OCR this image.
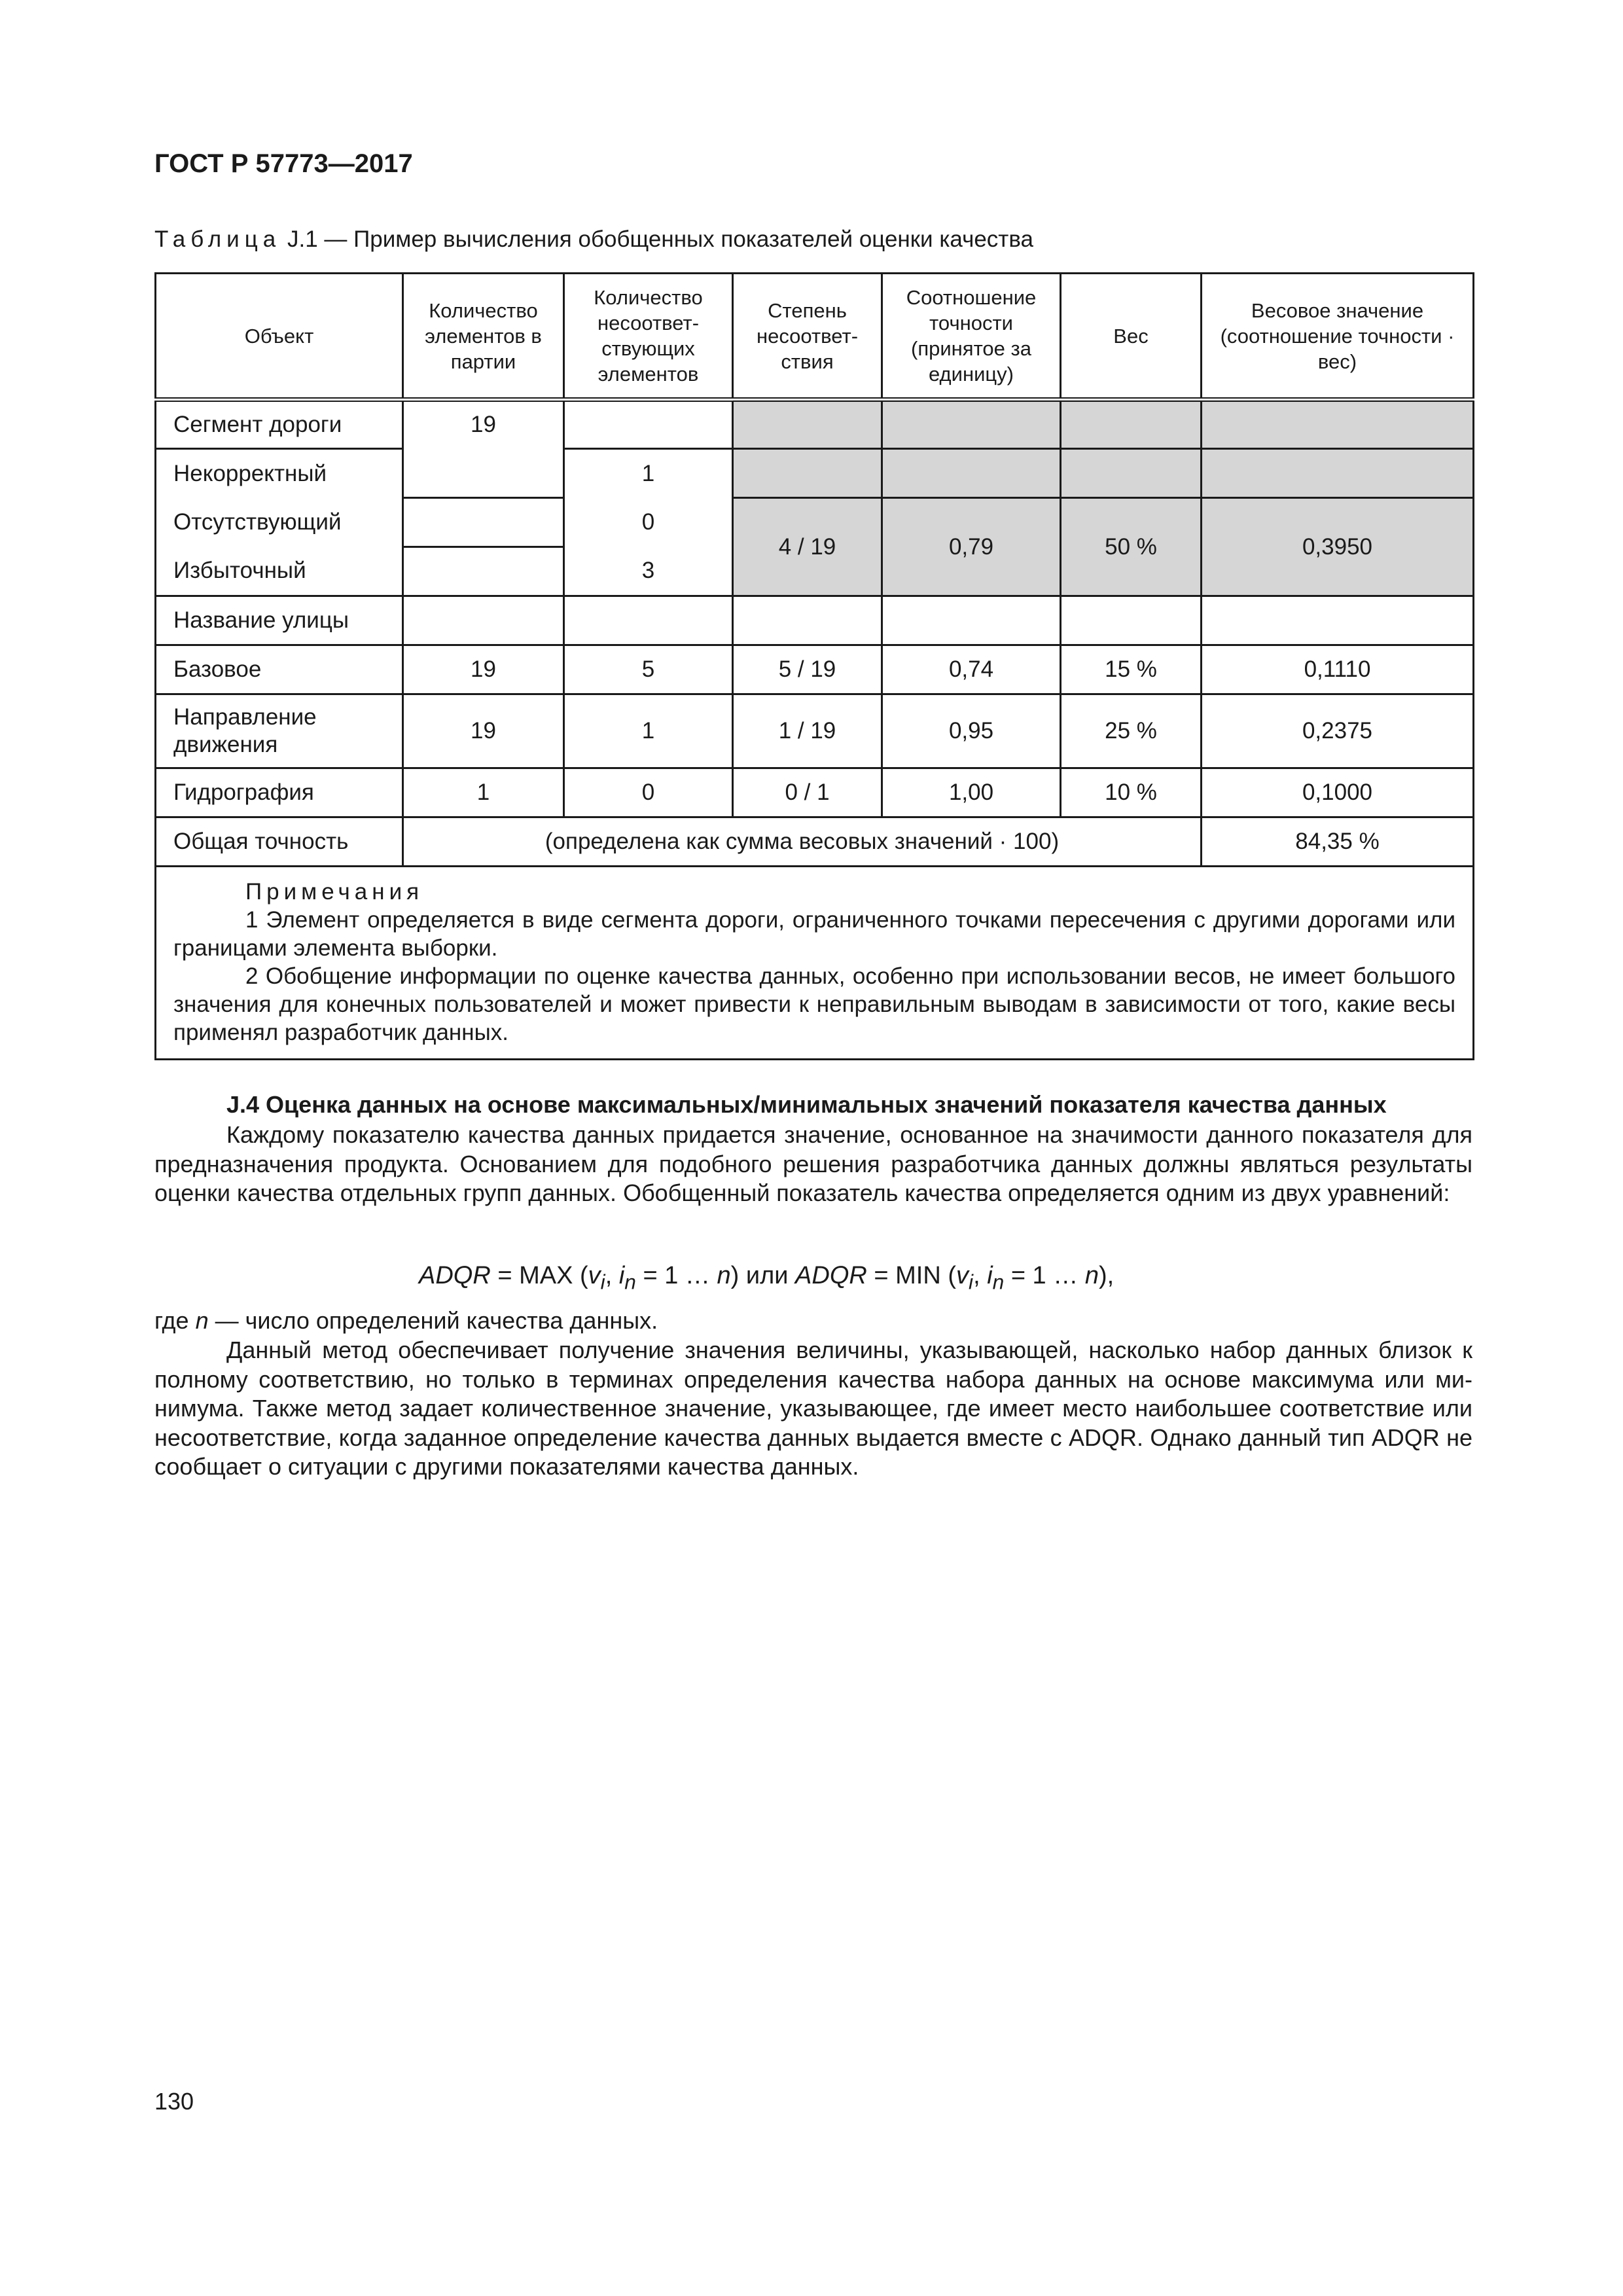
ГОСТ Р 57773—2017
Таблица J.1 — Пример вычисления обобщенных показателей оценки качества
Объект	Количество элементов в партии	Количество несоответствующих элементов	Степень несоответствия	Соотношение точности (принятое за единицу)	Вес	Весовое значение (соотношение точности · вес)
Сегмент дороги	19					
Некорректный		1				
Отсутствующий		0	4 / 19	0,79	50 %	0,3950
Избыточный		3				
Название улицы						
Базовое	19	5	5 / 19	0,74	15 %	0,1110
Направление движения	19	1	1 / 19	0,95	25 %	0,2375
Гидрография	1	0	0 / 1	1,00	10 %	0,1000
Общая точность	(определена как сумма весовых значений · 100)					84,35 %

Примечания

1 Элемент определяется в виде сегмента дороги, ограниченного точками пересечения с другими дорогами или границами элемента выборки.

2 Обобщение информации по оценке качества данных, особенно при использовании весов, не имеет большого значения для конечных пользователей и может привести к неправильным выводам в зависимости от того, какие весы применял разработчик данных.						

J.4 Оценка данных на основе максимальных/минимальных значений показателя качества данных

Каждому показателю качества данных придается значение, основанное на значимости данного показателя для предназначения продукта. Основанием для подобного решения разработчика данных должны являться результаты оценки качества отдельных групп данных. Обобщенный показатель качества определяется одним из двух уравнений:

ADQR = MAX ($v_i$, $i_n = 1$ … n) или ADQR = MIN ($v_i$, $i_n = 1$ … n),

где n — число определений качества данных.

Данный метод обеспечивает получение значения величины, указывающей, насколько набор данных близок к полному соответствию, но только в терминах определения качества набора данных на основе максимума или минимума. Также метод задает количественное значение, указывающее, где имеет место наибольшее соответствие или несоответствие, когда заданное определение качества данных выдается вместе с ADQR. Однако данный тип ADQR не сообщает о ситуации с другими показателями качества данных.

130
